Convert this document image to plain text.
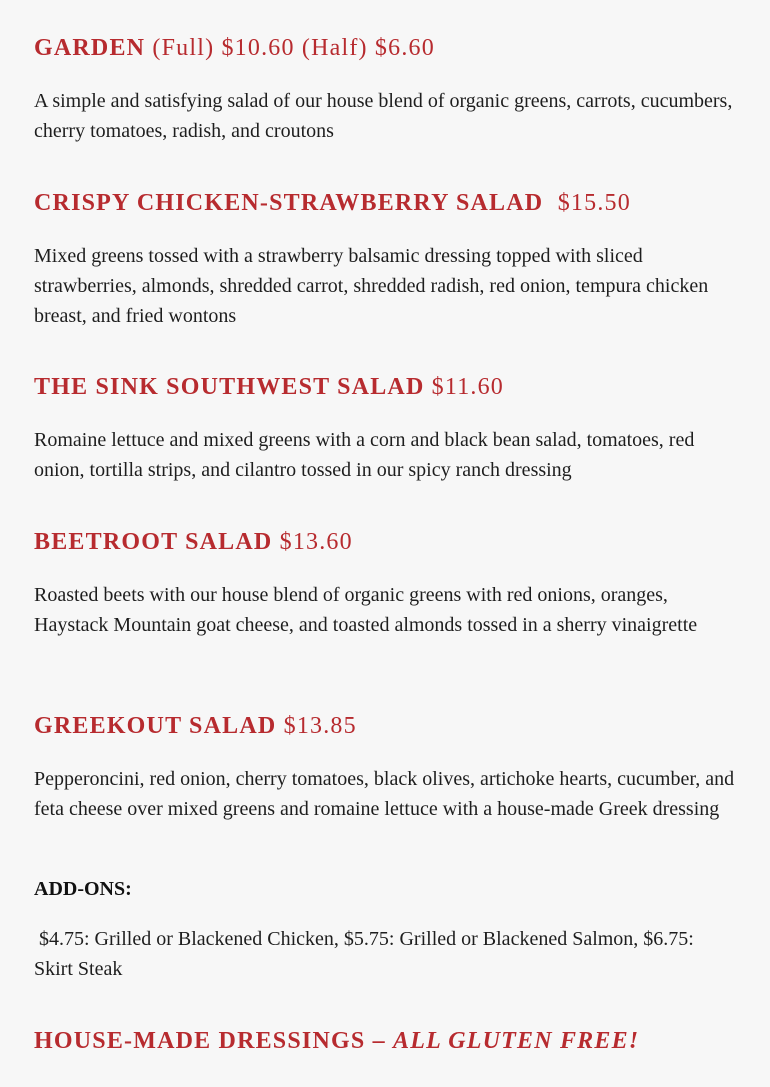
GARDEN (Full) $10.60 (Half) $6.60

A simple and satisfying salad of our house blend of organic greens, carrots, cucumbers, cherry tomatoes, radish, and croutons

CRISPY CHICKEN-STRAWBERRY SALAD  $15.50

Mixed greens tossed with a strawberry balsamic dressing topped with sliced strawberries, almonds, shredded carrot, shredded radish, red onion, tempura chicken breast, and fried wontons

THE SINK SOUTHWEST SALAD $11.60

Romaine lettuce and mixed greens with a corn and black bean salad, tomatoes, red onion, tortilla strips, and cilantro tossed in our spicy ranch dressing

BEETROOT SALAD $13.60

Roasted beets with our house blend of organic greens with red onions, oranges, Haystack Mountain goat cheese, and toasted almonds tossed in a sherry vinaigrette

GREEKOUT SALAD $13.85

Pepperoncini, red onion, cherry tomatoes, black olives, artichoke hearts, cucumber, and feta cheese over mixed greens and romaine lettuce with a house-made Greek dressing

ADD-ONS:

$4.75: Grilled or Blackened Chicken, $5.75: Grilled or Blackened Salmon, $6.75: Skirt Steak

HOUSE-MADE DRESSINGS – ALL GLUTEN FREE!
